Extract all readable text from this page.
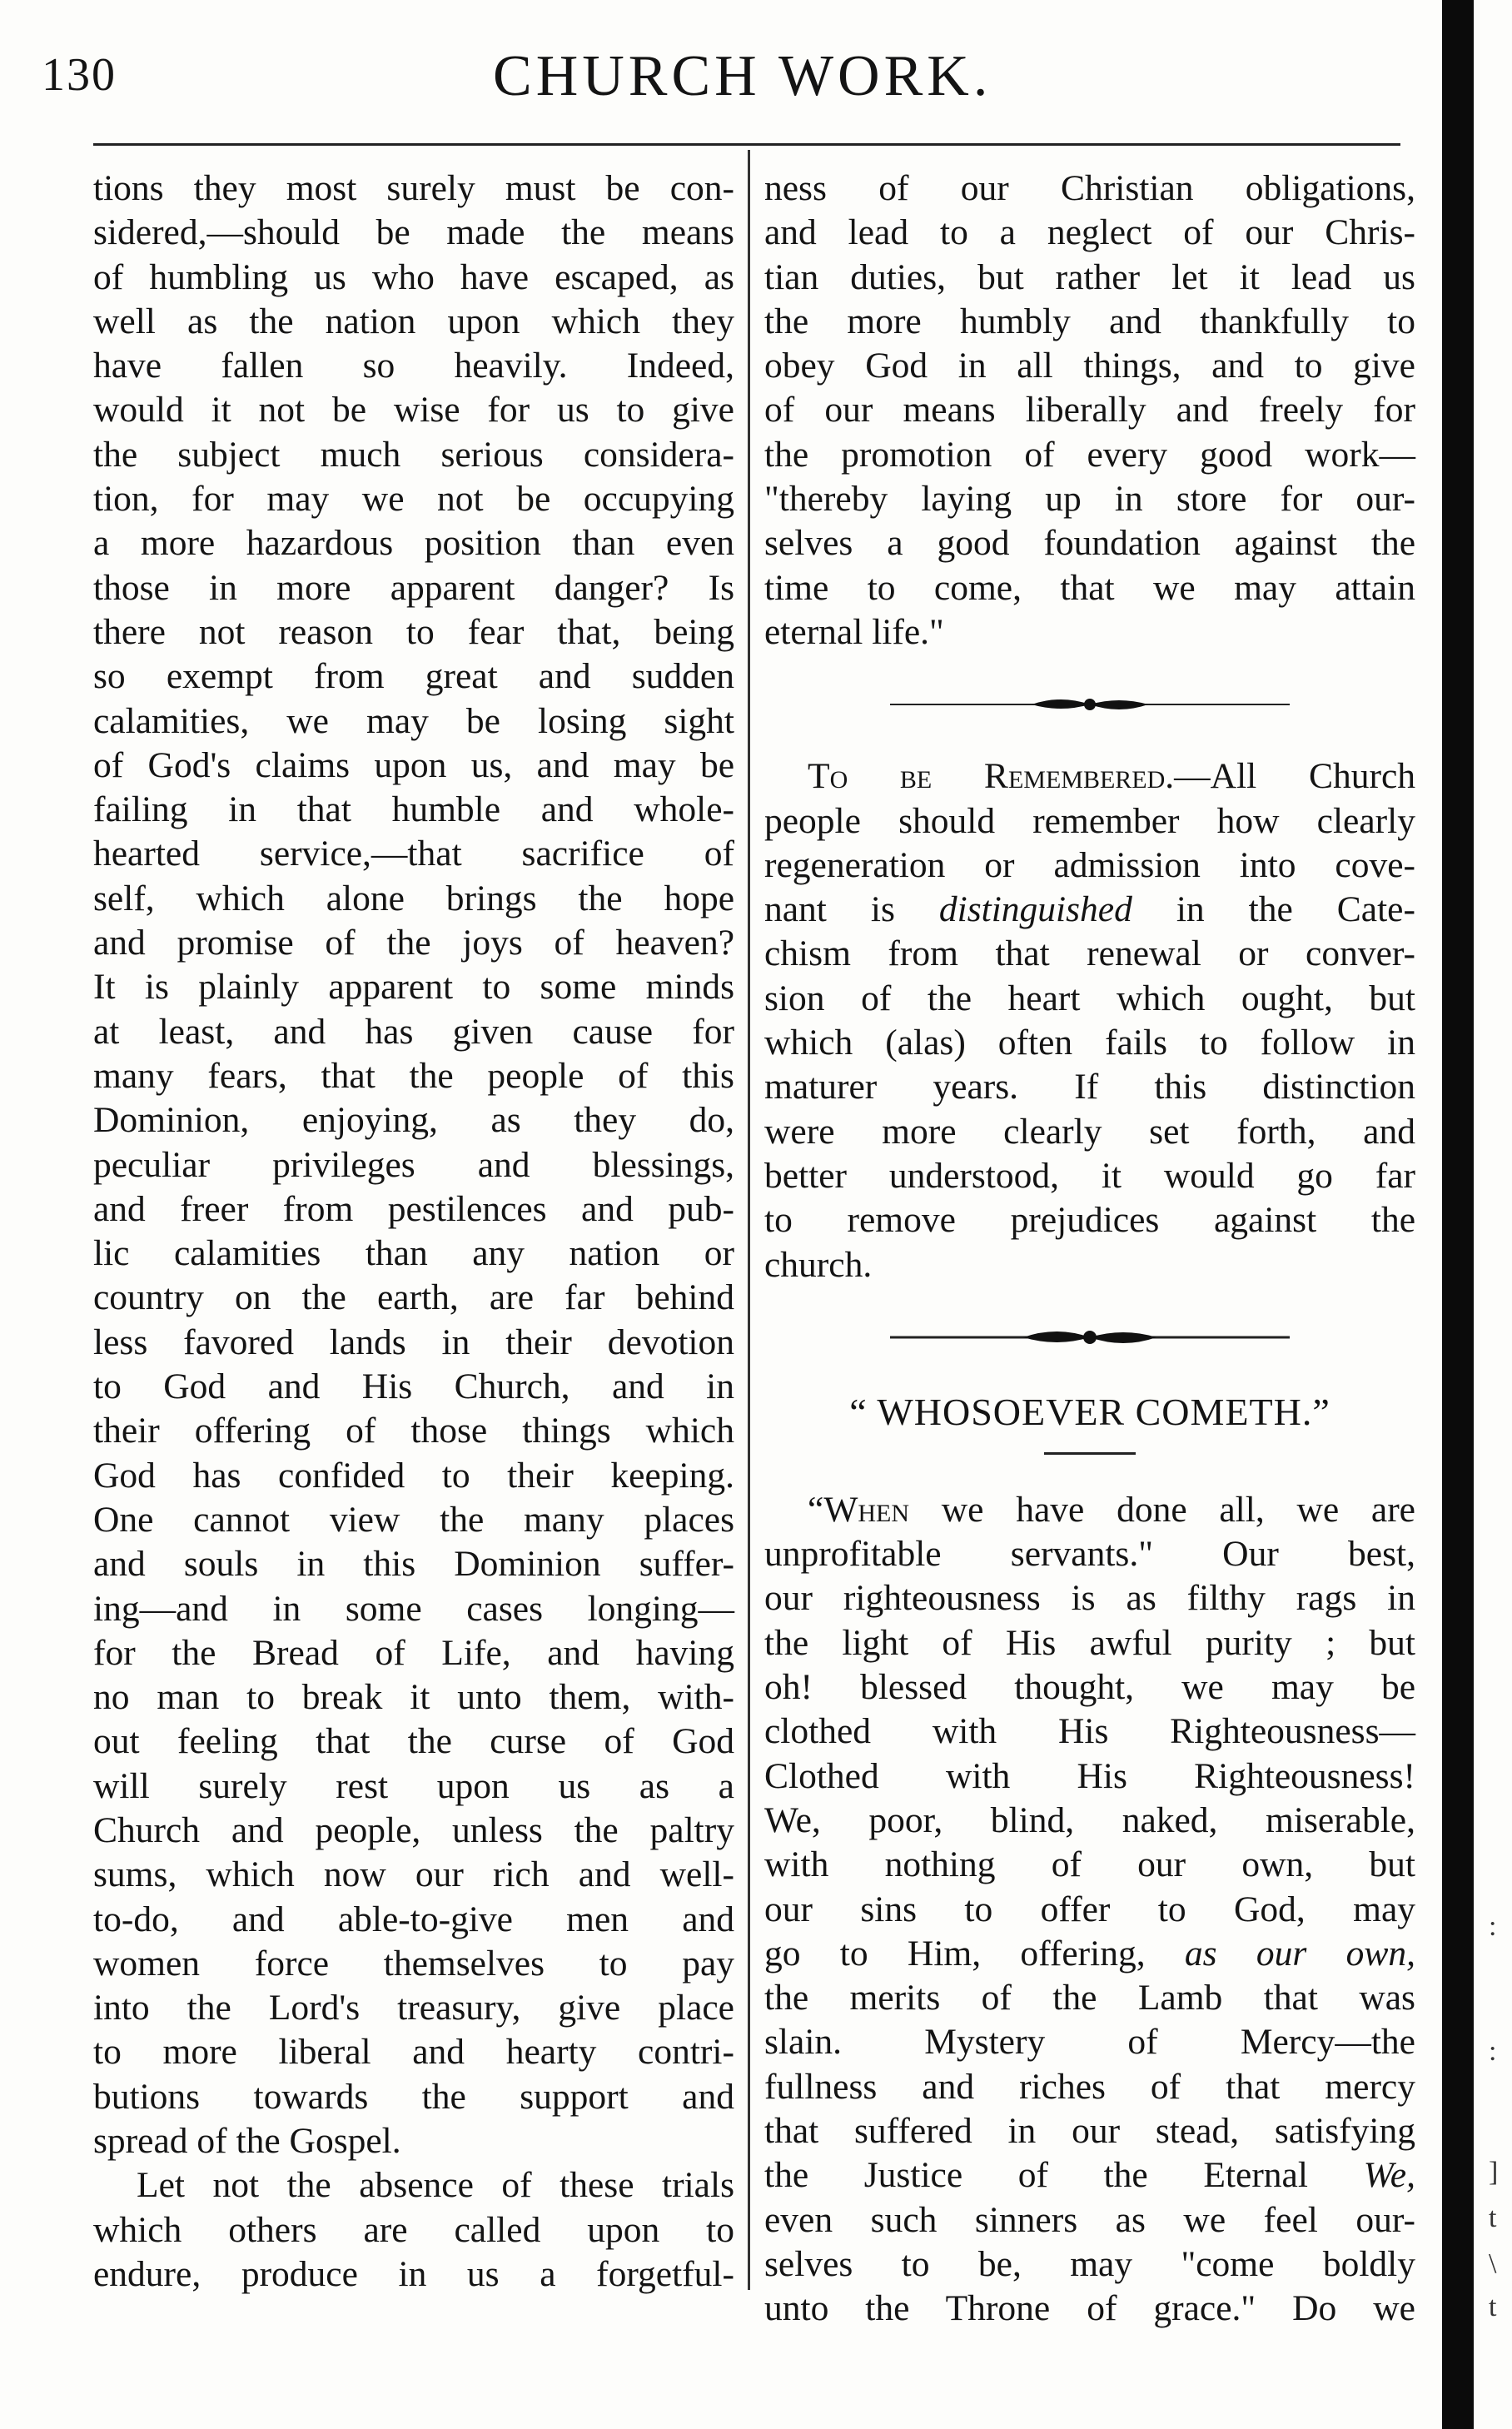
130	CHURCH WORK.
:
:
]
t
\
t
tions they most surely must be con-
sidered,—should be made the means
of humbling us who have escaped, as
well as the nation upon which they
have fallen so heavily. Indeed,
would it not be wise for us to give
the subject much serious considera-
tion, for may we not be occupying
a more hazardous position than even
those in more apparent danger? Is
there not reason to fear that, being
so exempt from great and sudden
calamities, we may be losing sight
of God's claims upon us, and may be
failing in that humble and whole-
hearted service,—that sacrifice of
self, which alone brings the hope
and promise of the joys of heaven?
It is plainly apparent to some minds
at least, and has given cause for
many fears, that the people of this
Dominion, enjoying, as they do,
peculiar privileges and blessings,
and freer from pestilences and pub-
lic calamities than any nation or
country on the earth, are far behind
less favored lands in their devotion
to God and His Church, and in
their offering of those things which
God has confided to their keeping.
One cannot view the many places
and souls in this Dominion suffer-
ing—and in some cases longing—
for the Bread of Life, and having
no man to break it unto them, with-
out feeling that the curse of God
will surely rest upon us as a
Church and people, unless the paltry
sums, which now our rich and well-
to-do, and able-to-give men and
women force themselves to pay
into the Lord's treasury, give place
to more liberal and hearty contri-
butions towards the support and
spread of the Gospel.
Let not the absence of these trials
which others are called upon to
endure, produce in us a forgetful-
ness of our Christian obligations,
and lead to a neglect of our Chris-
tian duties, but rather let it lead us
the more humbly and thankfully to
obey God in all things, and to give
of our means liberally and freely for
the promotion of every good work—
"thereby laying up in store for our-
selves a good foundation against the
time to come, that we may attain
eternal life."
To be Remembered.—All Church
people should remember how clearly
regeneration or admission into cove-
nant is distinguished in the Cate-
chism from that renewal or conver-
sion of the heart which ought, but
which (alas) often fails to follow in
maturer years. If this distinction
were more clearly set forth, and
better understood, it would go far
to remove prejudices against the
church.
“ WHOSOEVER COMETH.”
“When we have done all, we are
unprofitable servants." Our best,
our righteousness is as filthy rags in
the light of His awful purity ; but
oh! blessed thought, we may be
clothed with His Righteousness—
Clothed with His Righteousness!
We, poor, blind, naked, miserable,
with nothing of our own, but
our sins to offer to God, may
go to Him, offering, as our own,
the merits of the Lamb that was
slain. Mystery of Mercy—the
fullness and riches of that mercy
that suffered in our stead, satisfying
the Justice of the Eternal We,
even such sinners as we feel our-
selves to be, may "come boldly
unto the Throne of grace." Do we
